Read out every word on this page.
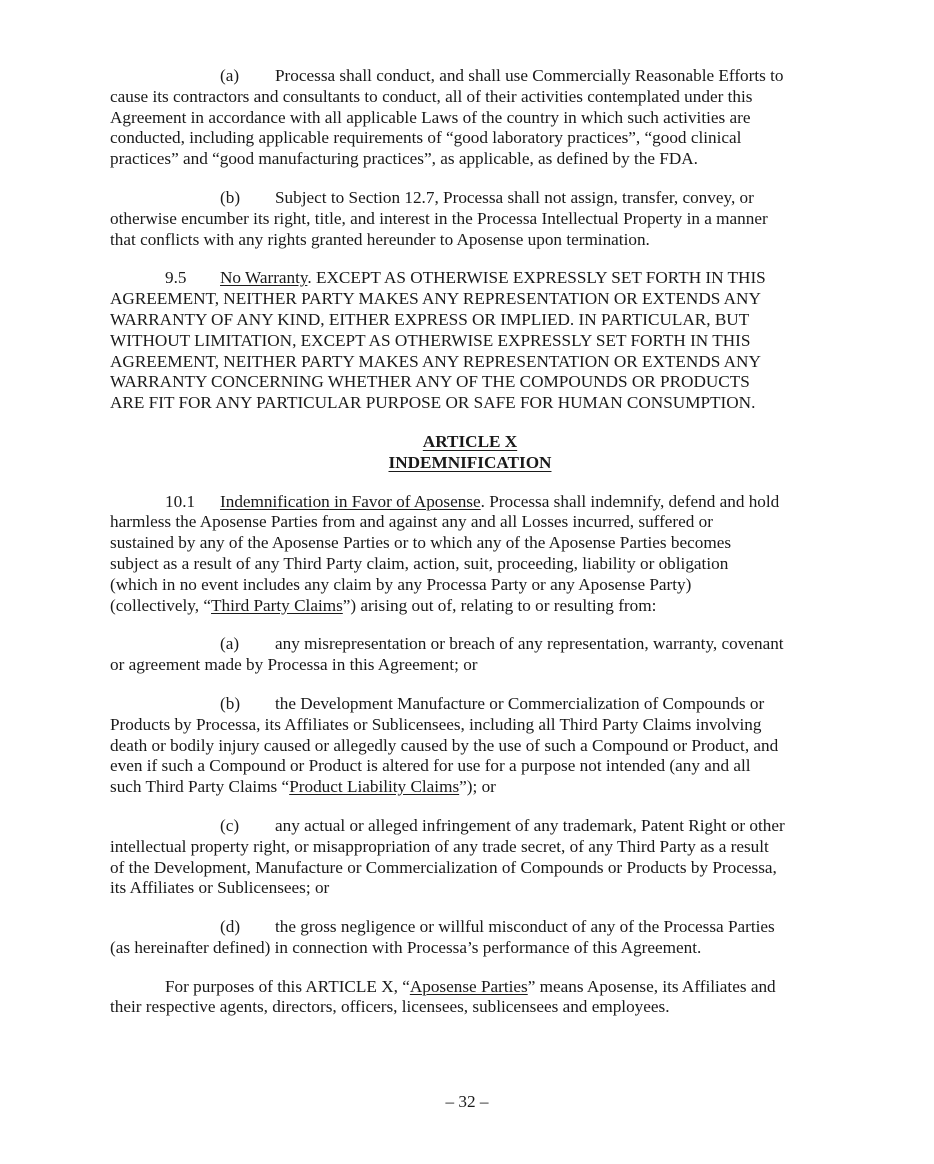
(a) Processa shall conduct, and shall use Commercially Reasonable Efforts to
cause its contractors and consultants to conduct, all of their activities contemplated under this
Agreement in accordance with all applicable Laws of the country in which such activities are
conducted, including applicable requirements of “good laboratory practices”, “good clinical
practices” and “good manufacturing practices”, as applicable, as defined by the FDA.

(b) Subject to Section 12.7, Processa shall not assign, transfer, convey, or
otherwise encumber its right, title, and interest in the Processa Intellectual Property in a manner
that conflicts with any rights granted hereunder to Aposense upon termination.

9.5 No Warranty. EXCEPT AS OTHERWISE EXPRESSLY SET FORTH IN THIS
AGREEMENT, NEITHER PARTY MAKES ANY REPRESENTATION OR EXTENDS ANY
WARRANTY OF ANY KIND, EITHER EXPRESS OR IMPLIED. IN PARTICULAR, BUT
WITHOUT LIMITATION, EXCEPT AS OTHERWISE EXPRESSLY SET FORTH IN THIS
AGREEMENT, NEITHER PARTY MAKES ANY REPRESENTATION OR EXTENDS ANY
WARRANTY CONCERNING WHETHER ANY OF THE COMPOUNDS OR PRODUCTS
ARE FIT FOR ANY PARTICULAR PURPOSE OR SAFE FOR HUMAN CONSUMPTION.

ARTICLE X
INDEMNIFICATION

10.1 Indemnification in Favor of Aposense. Processa shall indemnify, defend and hold
harmless the Aposense Parties from and against any and all Losses incurred, suffered or
sustained by any of the Aposense Parties or to which any of the Aposense Parties becomes
subject as a result of any Third Party claim, action, suit, proceeding, liability or obligation
(which in no event includes any claim by any Processa Party or any Aposense Party)
(collectively, “Third Party Claims”) arising out of, relating to or resulting from:

(a) any misrepresentation or breach of any representation, warranty, covenant
or agreement made by Processa in this Agreement; or

(b) the Development Manufacture or Commercialization of Compounds or
Products by Processa, its Affiliates or Sublicensees, including all Third Party Claims involving
death or bodily injury caused or allegedly caused by the use of such a Compound or Product, and
even if such a Compound or Product is altered for use for a purpose not intended (any and all
such Third Party Claims “Product Liability Claims”); or

(c) any actual or alleged infringement of any trademark, Patent Right or other
intellectual property right, or misappropriation of any trade secret, of any Third Party as a result
of the Development, Manufacture or Commercialization of Compounds or Products by Processa,
its Affiliates or Sublicensees; or

(d) the gross negligence or willful misconduct of any of the Processa Parties
(as hereinafter defined) in connection with Processa’s performance of this Agreement.

For purposes of this ARTICLE X, “Aposense Parties” means Aposense, its Affiliates and
their respective agents, directors, officers, licensees, sublicensees and employees.

– 32 –
